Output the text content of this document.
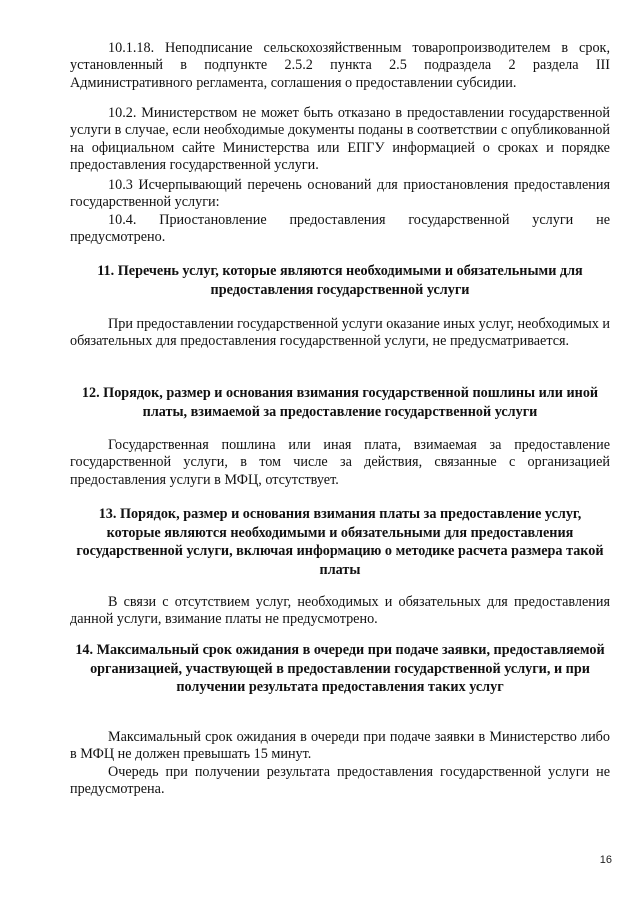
10.1.18. Неподписание сельскохозяйственным товаропроизводителем в срок, установленный в подпункте 2.5.2 пункта 2.5 подраздела 2 раздела III Административного регламента, соглашения о предоставлении субсидии.

10.2. Министерством не может быть отказано в предоставлении государственной услуги в случае, если необходимые документы поданы в соответствии с опубликованной на официальном сайте Министерства или ЕПГУ информацией о сроках и порядке предоставления государственной услуги.

10.3 Исчерпывающий перечень оснований для приостановления предоставления государственной услуги:

10.4. Приостановление предоставления государственной услуги не предусмотрено.

11. Перечень услуг, которые являются необходимыми и обязательными для предоставления государственной услуги

При предоставлении государственной услуги оказание иных услуг, необходимых и обязательных для предоставления государственной услуги, не предусматривается.

12. Порядок, размер и основания взимания государственной пошлины или иной платы, взимаемой за предоставление государственной услуги

Государственная пошлина или иная плата, взимаемая за предоставление государственной услуги, в том числе за действия, связанные с организацией предоставления услуги в МФЦ, отсутствует.

13. Порядок, размер и основания взимания платы за предоставление услуг, которые являются необходимыми и обязательными для предоставления государственной услуги, включая информацию о методике расчета размера такой платы

В связи с отсутствием услуг, необходимых и обязательных для предоставления данной услуги, взимание платы не предусмотрено.

14. Максимальный срок ожидания в очереди при подаче заявки, предоставляемой организацией, участвующей в предоставлении государственной услуги, и при получении результата предоставления таких услуг

Максимальный срок ожидания в очереди при подаче заявки в Министерство либо в МФЦ не должен превышать 15 минут.

Очередь при получении результата предоставления государственной услуги не предусмотрена.

16
